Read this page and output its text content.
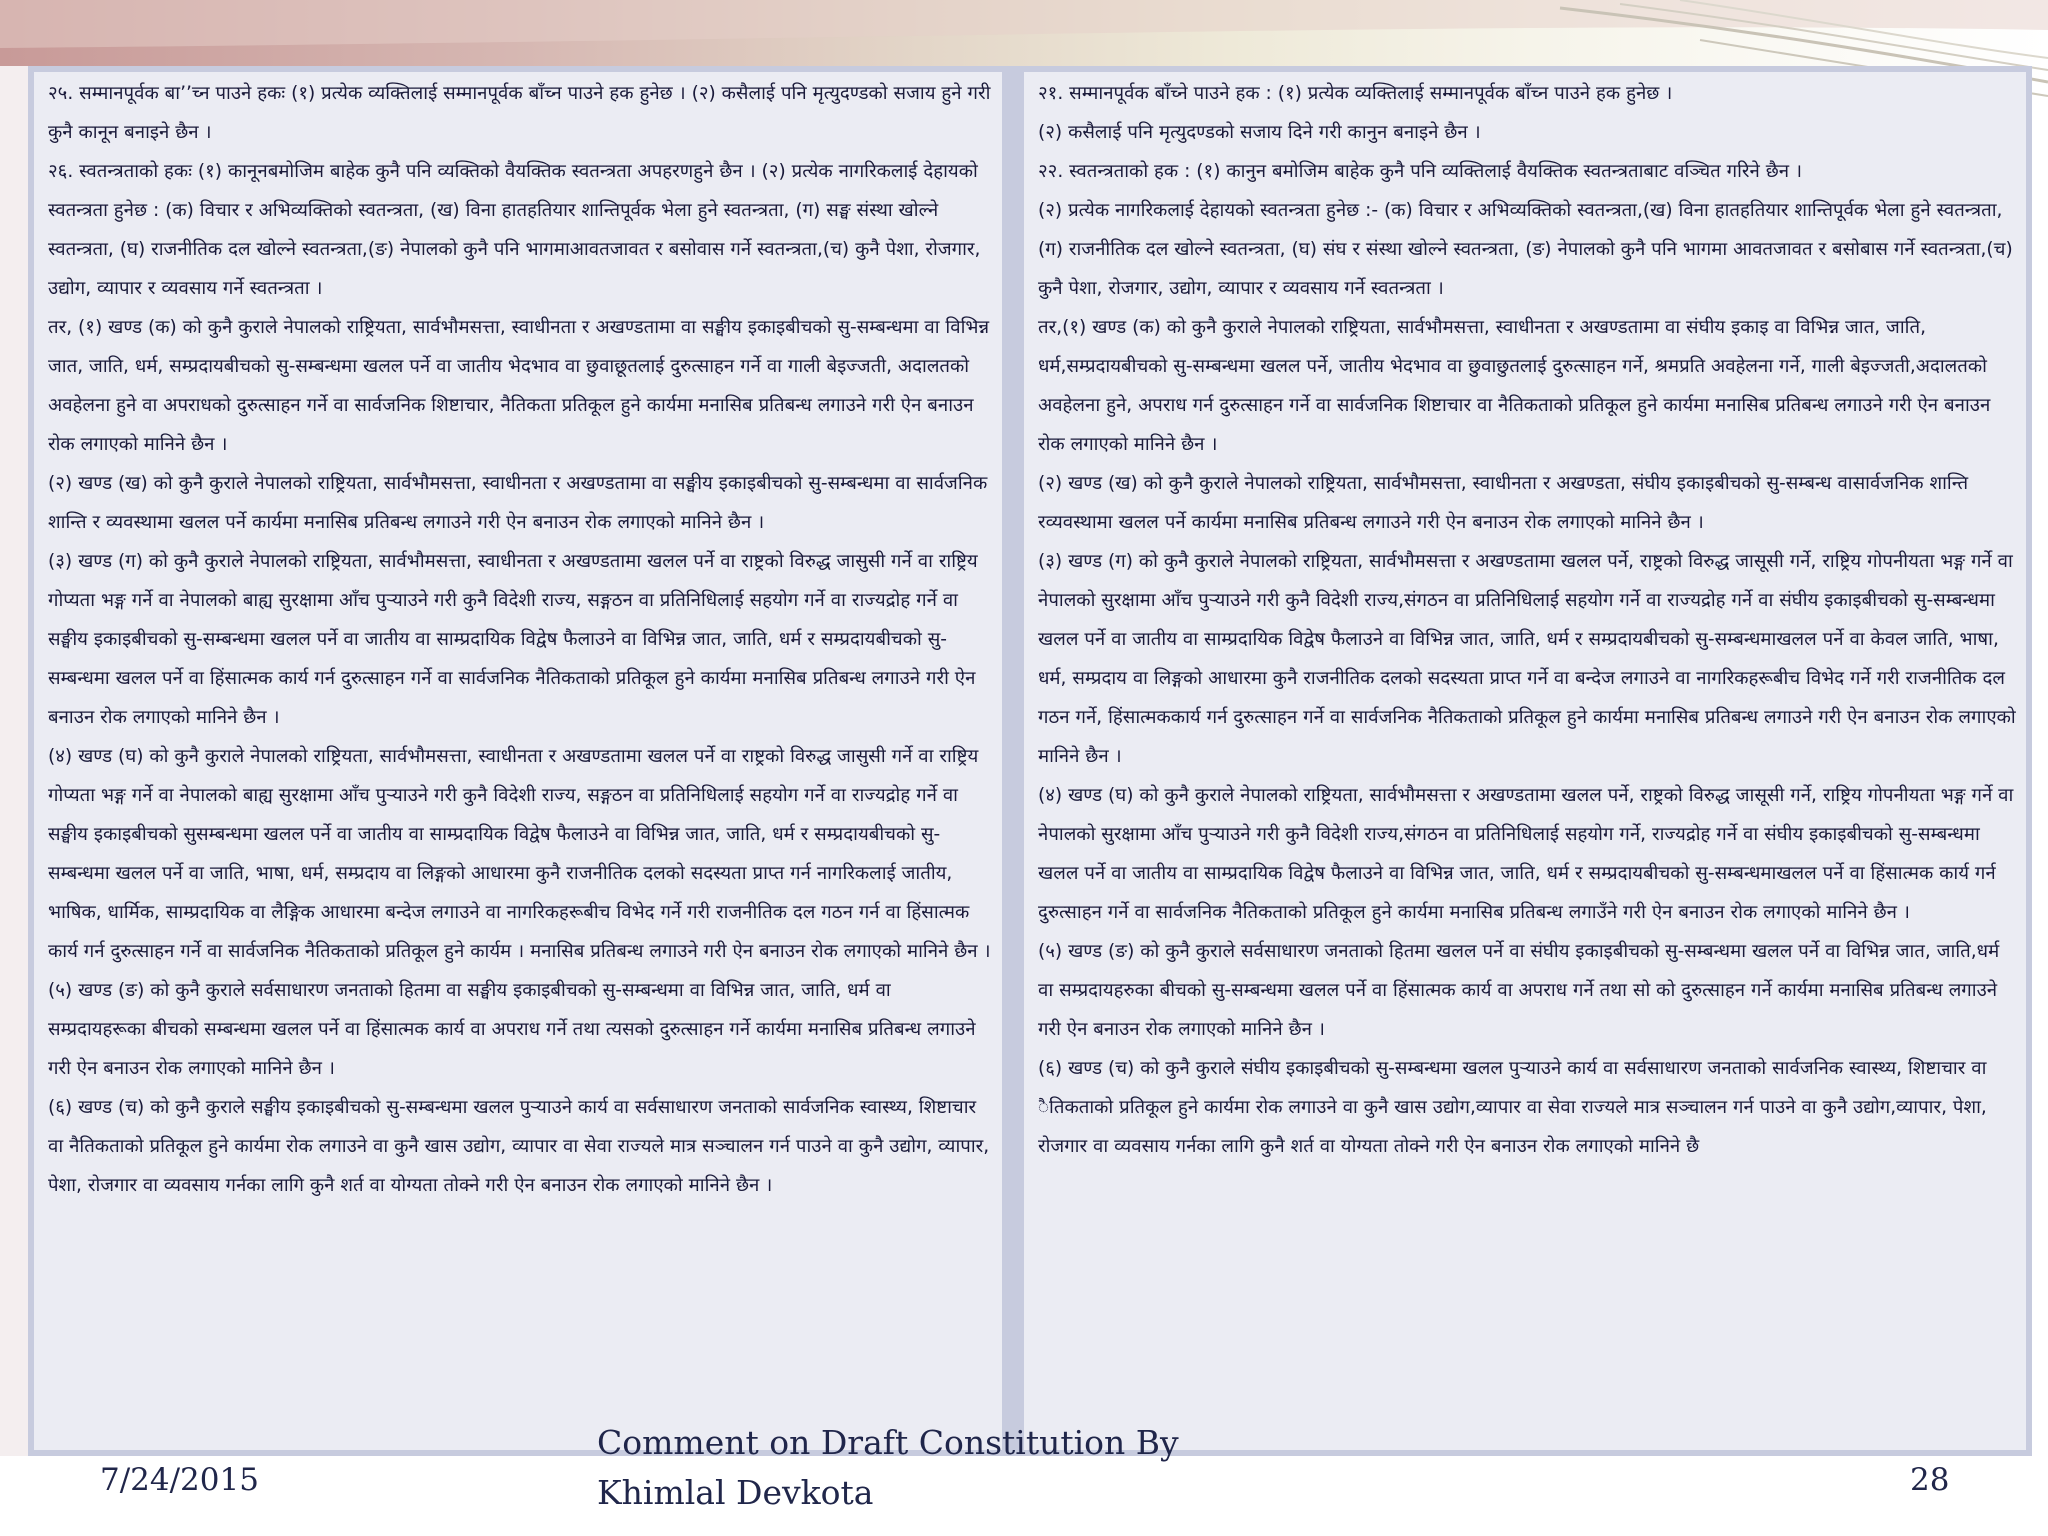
२५. सम्मानपूर्वक बा’’च्न पाउने हकः (१) प्रत्येक व्यक्तिलाई सम्मानपूर्वक बाँच्न पाउने हक हुनेछ । (२) कसैलाई पनि मृत्युदण्डको सजाय हुने गरी कुनै कानून बनाइने छैन ।

२६. स्वतन्त्रताको हकः (१) कानूनबमोजिम बाहेक कुनै पनि व्यक्तिको वैयक्तिक स्वतन्त्रता अपहरणहुने छैन । (२) प्रत्येक नागरिकलाई देहायको स्वतन्त्रता हुनेछ : (क) विचार र अभिव्यक्तिको स्वतन्त्रता, (ख) विना हातहतियार शान्तिपूर्वक भेला हुने स्वतन्त्रता, (ग) सङ्घ संस्था खोल्ने स्वतन्त्रता, (घ) राजनीतिक दल खोल्ने स्वतन्त्रता,(ङ) नेपालको कुनै पनि भागमाआवतजावत र बसोवास गर्ने स्वतन्त्रता,(च) कुनै पेशा, रोजगार, उद्योग, व्यापार र व्यवसाय गर्ने स्वतन्त्रता ।

तर, (१) खण्ड (क) को कुनै कुराले नेपालको राष्ट्रियता, सार्वभौमसत्ता, स्वाधीनता र अखण्डतामा वा सङ्घीय इकाइबीचको सु-सम्बन्धमा वा विभिन्न जात, जाति, धर्म, सम्प्रदायबीचको सु-सम्बन्धमा खलल पर्ने वा जातीय भेदभाव वा छुवाछूतलाई दुरुत्साहन गर्ने वा गाली बेइज्जती, अदालतको अवहेलना हुने वा अपराधको दुरुत्साहन गर्ने वा सार्वजनिक शिष्टाचार, नैतिकता प्रतिकूल हुने कार्यमा मनासिब प्रतिबन्ध लगाउने गरी ऐन बनाउन रोक लगाएको मानिने छैन ।

(२) खण्ड (ख) को कुनै कुराले नेपालको राष्ट्रियता, सार्वभौमसत्ता, स्वाधीनता र अखण्डतामा वा सङ्घीय इकाइबीचको सु-सम्बन्धमा वा सार्वजनिक शान्ति र व्यवस्थामा खलल पर्ने कार्यमा मनासिब प्रतिबन्ध लगाउने गरी ऐन बनाउन रोक लगाएको मानिने छैन ।

(३) खण्ड (ग) को कुनै कुराले नेपालको राष्ट्रियता, सार्वभौमसत्ता, स्वाधीनता र अखण्डतामा खलल पर्ने वा राष्ट्रको विरुद्ध जासुसी गर्ने वा राष्ट्रिय गोप्यता भङ्ग गर्ने वा नेपालको बाह्य सुरक्षामा आँच पुऱ्याउने गरी कुनै विदेशी राज्य, सङ्गठन वा प्रतिनिधिलाई सहयोग गर्ने वा राज्यद्रोह गर्ने वा सङ्घीय इकाइबीचको सु-सम्बन्धमा खलल पर्ने वा जातीय वा साम्प्रदायिक विद्वेष फैलाउने वा विभिन्न जात, जाति, धर्म र सम्प्रदायबीचको सु-सम्बन्धमा खलल पर्ने वा हिंसात्मक कार्य गर्न दुरुत्साहन गर्ने वा सार्वजनिक नैतिकताको प्रतिकूल हुने कार्यमा मनासिब प्रतिबन्ध लगाउने गरी ऐन बनाउन रोक लगाएको मानिने छैन ।

(४) खण्ड (घ) को कुनै कुराले नेपालको राष्ट्रियता, सार्वभौमसत्ता, स्वाधीनता र अखण्डतामा खलल पर्ने वा राष्ट्रको विरुद्ध जासुसी गर्ने वा राष्ट्रिय गोप्यता भङ्ग गर्ने वा नेपालको बाह्य सुरक्षामा आँच पुऱ्याउने गरी कुनै विदेशी राज्य, सङ्गठन वा प्रतिनिधिलाई सहयोग गर्ने वा राज्यद्रोह गर्ने वा सङ्घीय इकाइबीचको सुसम्बन्धमा खलल पर्ने वा जातीय वा साम्प्रदायिक विद्वेष फैलाउने वा विभिन्न जात, जाति, धर्म र सम्प्रदायबीचको सु-सम्बन्धमा खलल पर्ने वा जाति, भाषा, धर्म, सम्प्रदाय वा लिङ्गको आधारमा कुनै राजनीतिक दलको सदस्यता प्राप्त गर्न नागरिकलाई जातीय, भाषिक, धार्मिक, साम्प्रदायिक वा लैङ्गिक आधारमा बन्देज लगाउने वा नागरिकहरूबीच विभेद गर्ने गरी राजनीतिक दल गठन गर्न वा हिंसात्मक कार्य गर्न दुरुत्साहन गर्ने वा सार्वजनिक नैतिकताको प्रतिकूल हुने कार्यम । मनासिब प्रतिबन्ध लगाउने गरी ऐन बनाउन रोक लगाएको मानिने छैन ।

(५) खण्ड (ङ) को कुनै कुराले सर्वसाधारण जनताको हितमा वा सङ्घीय इकाइबीचको सु-सम्बन्धमा वा विभिन्न जात, जाति, धर्म वा सम्प्रदायहरूका बीचको सम्बन्धमा खलल पर्ने वा हिंसात्मक कार्य वा अपराध गर्ने तथा त्यसको दुरुत्साहन गर्ने कार्यमा मनासिब प्रतिबन्ध लगाउने गरी ऐन बनाउन रोक लगाएको मानिने छैन ।

(६) खण्ड (च) को कुनै कुराले सङ्घीय इकाइबीचको सु-सम्बन्धमा खलल पुऱ्याउने कार्य वा सर्वसाधारण जनताको सार्वजनिक स्वास्थ्य, शिष्टाचार वा नैतिकताको प्रतिकूल हुने कार्यमा रोक लगाउने वा कुनै खास उद्योग, व्यापार वा सेवा राज्यले मात्र सञ्चालन गर्न पाउने वा कुनै उद्योग, व्यापार, पेशा, रोजगार वा व्यवसाय गर्नका लागि कुनै शर्त वा योग्यता तोक्ने गरी ऐन बनाउन रोक लगाएको मानिने छैन ।

२१. सम्मानपूर्वक बाँच्ने पाउने हक : (१) प्रत्येक व्यक्तिलाई सम्मानपूर्वक बाँच्न पाउने हक हुनेछ ।

(२) कसैलाई पनि मृत्युदण्डको सजाय दिने गरी कानुन बनाइने छैन ।

२२. स्वतन्त्रताको हक : (१) कानुन बमोजिम बाहेक कुनै पनि व्यक्तिलाई वैयक्तिक स्वतन्त्रताबाट वञ्चित गरिने छैन ।

(२) प्रत्येक नागरिकलाई देहायको स्वतन्त्रता हुनेछ :- (क) विचार र अभिव्यक्तिको स्वतन्त्रता,(ख) विना हातहतियार शान्तिपूर्वक भेला हुने स्वतन्त्रता, (ग) राजनीतिक दल खोल्ने स्वतन्त्रता, (घ) संघ र संस्था खोल्ने स्वतन्त्रता, (ङ) नेपालको कुनै पनि भागमा आवतजावत र बसोबास गर्ने स्वतन्त्रता,(च) कुनै पेशा, रोजगार, उद्योग, व्यापार र व्यवसाय गर्ने स्वतन्त्रता ।

तर,(१) खण्ड (क) को कुनै कुराले नेपालको राष्ट्रियता, सार्वभौमसत्ता, स्वाधीनता र अखण्डतामा वा संघीय इकाइ वा विभिन्न जात, जाति, धर्म,सम्प्रदायबीचको सु-सम्बन्धमा खलल पर्ने, जातीय भेदभाव वा छुवाछुतलाई दुरुत्साहन गर्ने, श्रमप्रति अवहेलना गर्ने, गाली बेइज्जती,अदालतको अवहेलना हुने, अपराध गर्न दुरुत्साहन गर्ने वा सार्वजनिक शिष्टाचार वा नैतिकताको प्रतिकूल हुने कार्यमा मनासिब प्रतिबन्ध लगाउने गरी ऐन बनाउन रोक लगाएको मानिने छैन ।

(२) खण्ड (ख) को कुनै कुराले नेपालको राष्ट्रियता, सार्वभौमसत्ता, स्वाधीनता र अखण्डता, संघीय इकाइबीचको सु-सम्बन्ध वासार्वजनिक शान्ति रव्यवस्थामा खलल पर्ने कार्यमा मनासिब प्रतिबन्ध लगाउने गरी ऐन बनाउन रोक लगाएको मानिने छैन ।

(३) खण्ड (ग) को कुनै कुराले नेपालको राष्ट्रियता, सार्वभौमसत्ता र अखण्डतामा खलल पर्ने, राष्ट्रको विरुद्ध जासूसी गर्ने, राष्ट्रिय गोपनीयता भङ्ग गर्ने वा नेपालको सुरक्षामा आँच पुऱ्याउने गरी कुनै विदेशी राज्य,संगठन वा प्रतिनिधिलाई सहयोग गर्ने वा राज्यद्रोह गर्ने वा संघीय इकाइबीचको सु-सम्बन्धमा खलल पर्ने वा जातीय वा साम्प्रदायिक विद्वेष फैलाउने वा विभिन्न जात, जाति, धर्म र सम्प्रदायबीचको सु-सम्बन्धमाखलल पर्ने वा केवल जाति, भाषा, धर्म, सम्प्रदाय वा लिङ्गको आधारमा कुनै राजनीतिक दलको सदस्यता प्राप्त गर्ने वा बन्देज लगाउने वा नागरिकहरूबीच विभेद गर्ने गरी राजनीतिक दल गठन गर्ने, हिंसात्मककार्य गर्न दुरुत्साहन गर्ने वा सार्वजनिक नैतिकताको प्रतिकूल हुने कार्यमा मनासिब प्रतिबन्ध लगाउने गरी ऐन बनाउन रोक लगाएको मानिने छैन ।

(४) खण्ड (घ) को कुनै कुराले नेपालको राष्ट्रियता, सार्वभौमसत्ता र अखण्डतामा खलल पर्ने, राष्ट्रको विरुद्ध जासूसी गर्ने, राष्ट्रिय गोपनीयता भङ्ग गर्ने वा नेपालको सुरक्षामा आँच पुऱ्याउने गरी कुनै विदेशी राज्य,संगठन वा प्रतिनिधिलाई सहयोग गर्ने, राज्यद्रोह गर्ने वा संघीय इकाइबीचको सु-सम्बन्धमा खलल पर्ने वा जातीय वा साम्प्रदायिक विद्वेष फैलाउने वा विभिन्न जात, जाति, धर्म र सम्प्रदायबीचको सु-सम्बन्धमाखलल पर्ने वा हिंसात्मक कार्य गर्न दुरुत्साहन गर्ने वा सार्वजनिक नैतिकताको प्रतिकूल हुने कार्यमा मनासिब प्रतिबन्ध लगाउँने गरी ऐन बनाउन रोक लगाएको मानिने छैन ।

(५) खण्ड (ङ) को कुनै कुराले सर्वसाधारण जनताको हितमा खलल पर्ने वा संघीय इकाइबीचको सु-सम्बन्धमा खलल पर्ने वा विभिन्न जात, जाति,धर्म वा सम्प्रदायहरुका बीचको सु-सम्बन्धमा खलल पर्ने वा हिंसात्मक कार्य वा अपराध गर्ने तथा सो को दुरुत्साहन गर्ने कार्यमा मनासिब प्रतिबन्ध लगाउने गरी ऐन बनाउन रोक लगाएको मानिने छैन ।

(६) खण्ड (च) को कुनै कुराले संघीय इकाइबीचको सु-सम्बन्धमा खलल पुऱ्याउने कार्य वा सर्वसाधारण जनताको सार्वजनिक स्वास्थ्य, शिष्टाचार वा ैतिकताको प्रतिकूल हुने कार्यमा रोक लगाउने वा कुनै खास उद्योग,व्यापार वा सेवा राज्यले मात्र सञ्चालन गर्न पाउने वा कुनै उद्योग,व्यापार, पेशा, रोजगार वा व्यवसाय गर्नका लागि कुनै शर्त वा योग्यता तोक्ने गरी ऐन बनाउन रोक लगाएको मानिने छै

7/24/2015
Comment on Draft Constitution By Khimlal Devkota	28
